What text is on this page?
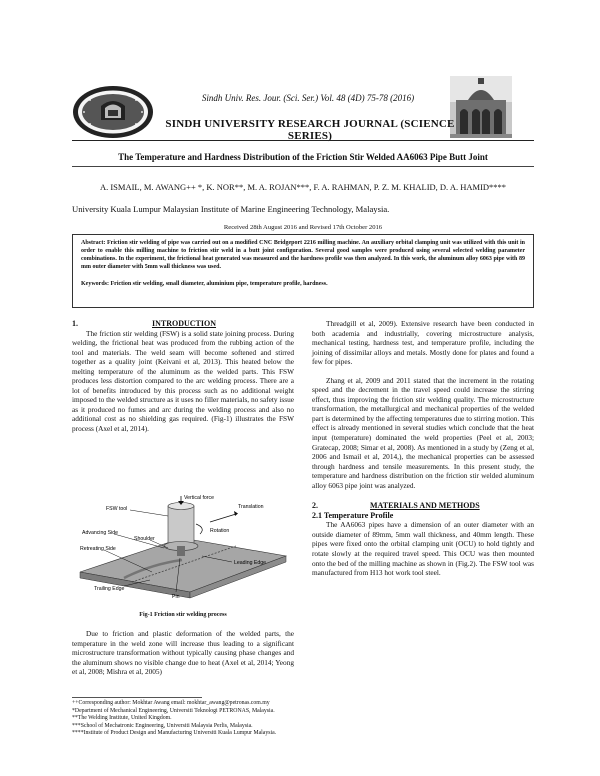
Sindh Univ. Res. Jour. (Sci. Ser.) Vol. 48 (4D) 75-78 (2016)
SINDH UNIVERSITY RESEARCH JOURNAL (SCIENCE SERIES)
The Temperature and Hardness Distribution of the Friction Stir Welded AA6063 Pipe Butt Joint
A. ISMAIL, M. AWANG++ *, K. NOR**, M. A. ROJAN***, F. A. RAHMAN, P. Z. M. KHALID, D. A. HAMID****
University Kuala Lumpur Malaysian Institute of Marine Engineering Technology, Malaysia.
Received 28th August 2016 and Revised 17th October 2016

Abstract: Friction stir welding of pipe was carried out on a modified CNC Bridgeport 2216 milling machine. An auxiliary orbital clamping unit was utilized with this unit in order to enable this milling machine to friction stir weld in a butt joint configuration. Several good samples were produced using several selected welding parameter combinations. In the experiment, the frictional heat generated was measured and the hardness profile was then analyzed. In this work, the aluminum alloy 6063 pipe with 89 mm outer diameter with 5mm wall thickness was used.

Keywords: Friction stir welding, small diameter, aluminium pipe, temperature profile, hardness.

1.	INTRODUCTION

The friction stir welding (FSW) is a solid state joining process. During welding, the frictional heat was produced from the rubbing action of the tool and materials. The weld seam will become softened and stirred together as a quality joint (Keivani et al, 2013). This heated below the melting temperature of the aluminum as the welded parts. This FSW produces less distortion compared to the arc welding process. There are a lot of benefits introduced by this process such as no additional weight imposed to the welded structure as it uses no filler materials, no safety issue as it produced no fumes and arc during the welding process and also no additional cost as no shielding gas required. (Fig-1) illustrates the FSW process (Axel et al, 2014).

Vertical force
FSW tool	Translation
Rotation
Advancing Side
Shoulder
Retreating Side
Leading Edge
Trailing Edge
Pin
Fig-1 Friction stir welding process

Due to friction and plastic deformation of the welded parts, the temperature in the weld zone will increase thus leading to a significant microstructure transformation without typically causing phase changes and the aluminum shows no visible change due to heat (Axel et al, 2014; Yeong et al, 2008; Mishra et al, 2005)

Threadgill et al, 2009). Extensive research have been conducted in both academia and industrially, covering microstructure analysis, mechanical testing, hardness test, and temperature profile, including the joining of dissimilar alloys and metals. Mostly done for plates and found a few for pipes.

Zhang et al, 2009 and 2011 stated that the increment in the rotating speed and the decrement in the travel speed could increase the stirring effect, thus improving the friction stir welding quality. The microstructure transformation, the metallurgical and mechanical properties of the welded part is determined by the affecting temperatures due to stirring motion. This effect is already mentioned in several studies which conclude that the heat input (temperature) dominated the weld properties (Peel et al, 2003; Gratecap, 2008; Simar et al, 2008). As mentioned in a study by (Zeng et al, 2006 and Ismail et al, 2014,), the mechanical properties can be assessed through hardness and tensile measurements. In this present study, the temperature and hardness distribution on the friction stir welded aluminum alloy 6063 pipe joint was analyzed.

2.	MATERIALS AND METHODS
2.1 Temperature Profile

The AA6063 pipes have a dimension of an outer diameter with an outside diameter of 89mm, 5mm wall thickness, and 40mm length. These pipes were fixed onto the orbital clamping unit (OCU) to hold tightly and rotate slowly at the required travel speed. This OCU was then mounted onto the bed of the milling machine as shown in (Fig.2). The FSW tool was manufactured from H13 hot work tool steel.

++Corresponding author: Mokhtar Awang email: mokhtar_awang@petronas.com.my
*Department of Mechanical Engineering, Universiti Teknologi PETRONAS, Malaysia.
**The Welding Institute, United Kingdom.
***School of Mechatronic Engineering, Universiti Malaysia Perlis, Malaysia.
****Institute of Product Design and Manufacturing Universiti Kuala Lumpur Malaysia.
